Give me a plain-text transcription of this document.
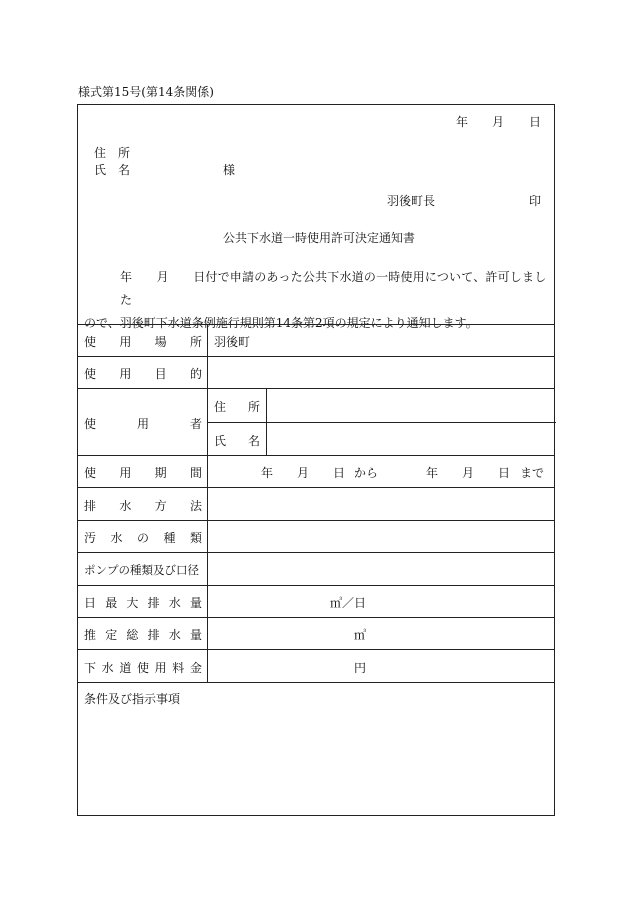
様式第15号(第14条関係)
年 月 日
住　所
氏　名	様
羽後町長	印
公共下水道一時使用許可決定通知書
年　　月　　日付で申請のあった公共下水道の一時使用について、許可しました
ので、羽後町下水道条例施行規則第14条第2項の規定により通知します。
使 用 場 所 羽後町
使 用 目 的
使	用	者
住 所
氏 名
使 用 期 間	年 月 日 から	年 月 日 まで
排 水 方 法
汚 水 の 種 類
ポンプの種類及び口径
日 最 大 排 水 量	㎥／日
推 定 総 排 水 量	㎥
下 水 道 使 用 料 金	円
条件及び指示事項
